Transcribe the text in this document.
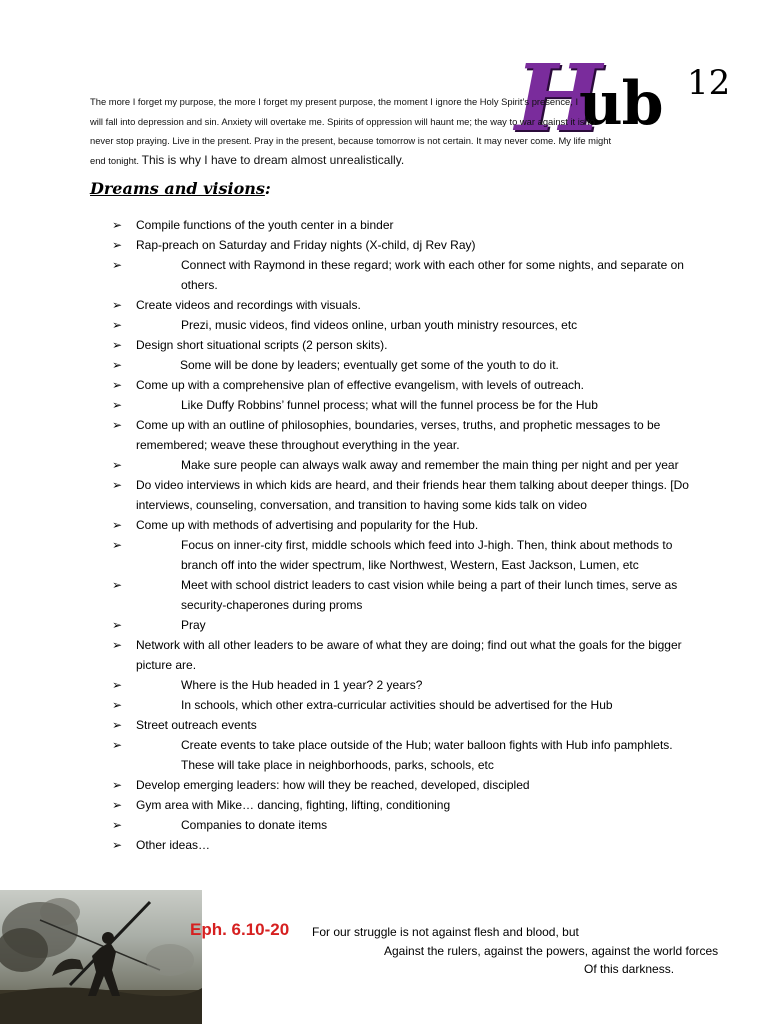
H
ub 12
The more I forget my purpose, the more I forget my present purpose, the moment I ignore the Holy Spirit’s presence, I
will fall into depression and sin. Anxiety will overtake me. Spirits of oppression will haunt me; the way to war against it is to
never stop praying. Live in the present. Pray in the present, because tomorrow is not certain. It may never come. My life might
end tonight. This is why I have to dream almost unrealistically.
Dreams and visions:
➢	Compile functions of the youth center in a binder
➢	Rap-preach on Saturday and Friday nights (X-child, dj Rev Ray)
➢	Connect with Raymond in these regard; work with each other for some nights, and separate on others.
➢	Create videos and recordings with visuals.
➢	Prezi, music videos, find videos online, urban youth ministry resources, etc
➢	Design short situational scripts (2 person skits).
➢	Some will be done by leaders; eventually get some of the youth to do it.
➢	Come up with a comprehensive plan of effective evangelism, with levels of outreach.
➢	Like Duffy Robbins’ funnel process; what will the funnel process be for the Hub
➢	Come up with an outline of philosophies, boundaries, verses, truths, and prophetic messages to be remembered; weave these throughout everything in the year.
➢	Make sure people can always walk away and remember the main thing per night and per year
➢	Do video interviews in which kids are heard, and their friends hear them talking about deeper things. [Do interviews, counseling, conversation, and transition to having some kids talk on video
➢	Come up with methods of advertising and popularity for the Hub.
➢	Focus on inner-city first, middle schools which feed into J-high. Then, think about methods to branch off into the wider spectrum, like Northwest, Western, East Jackson, Lumen, etc
➢	Meet with school district leaders to cast vision while being a part of their lunch times, serve as security-chaperones during proms
➢	Pray
➢	Network with all other leaders to be aware of what they are doing; find out what the goals for the bigger picture are.
➢	Where is the Hub headed in 1 year? 2 years?
➢	In schools, which other extra-curricular activities should be advertised for the Hub
➢	Street outreach events
➢	Create events to take place outside of the Hub; water balloon fights with Hub info pamphlets. These will take place in neighborhoods, parks, schools, etc
➢	Develop emerging leaders: how will they be reached, developed, discipled
➢	Gym area with Mike… dancing, fighting, lifting, conditioning
➢	Companies to donate items
➢	Other ideas…
Eph. 6.10-20 For our struggle is not against flesh and blood, but
Against the rulers, against the powers, against the world forces
Of this darkness.
